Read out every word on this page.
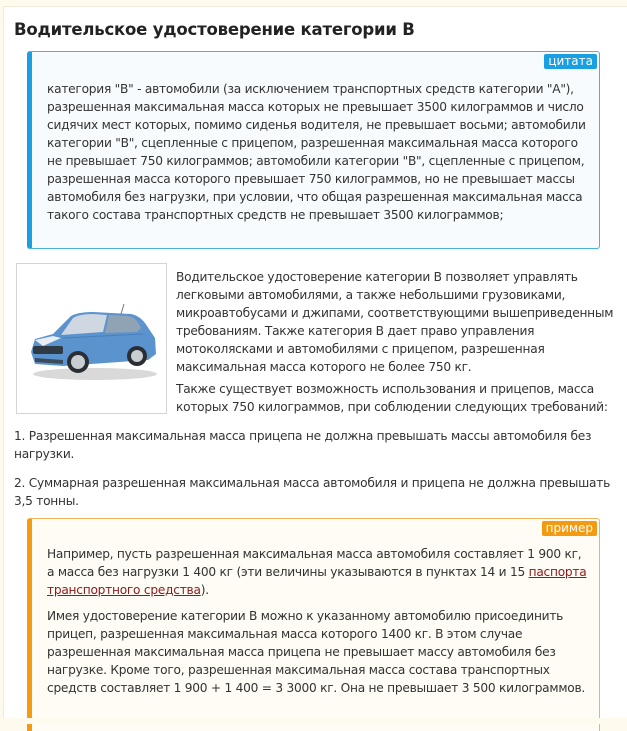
Водительское удостоверение категории В
цитата

категория "B" - автомобили (за исключением транспортных средств категории "A"), разрешенная максимальная масса которых не превышает 3500 килограммов и число сидячих мест которых, помимо сиденья водителя, не превышает восьми; автомобили категории "B", сцепленные с прицепом, разрешенная максимальная масса которого не превышает 750 килограммов; автомобили категории "B", сцепленные с прицепом, разрешенная масса которого превышает 750 килограммов, но не превышает массы автомобиля без нагрузки, при условии, что общая разрешенная максимальная масса такого состава транспортных средств не превышает 3500 килограммов;

Водительское удостоверение категории В позволяет управлять легковыми автомобилями, а также небольшими грузовиками, микроавтобусами и джипами, соответствующими вышеприведенным требованиям. Также категория В дает право управления мотоколясками и автомобилями с прицепом, разрешенная максимальная масса которого не более 750 кг.

Также существует возможность использования и прицепов, масса которых 750 килограммов, при соблюдении следующих требований:

1. Разрешенная максимальная масса прицепа не должна превышать массы автомобиля без нагрузки.

2. Суммарная разрешенная максимальная масса автомобиля и прицепа не должна превышать 3,5 тонны.

пример

Например, пусть разрешенная максимальная масса автомобиля составляет 1 900 кг, а масса без нагрузки 1 400 кг (эти величины указываются в пунктах 14 и 15 паспорта транспортного средства).

Имея удостоверение категории В можно к указанному автомобилю присоединить прицеп, разрешенная максимальная масса которого 1400 кг. В этом случае разрешенная максимальная масса прицепа не превышает массу автомобиля без нагрузке. Кроме того, разрешенная максимальная масса состава транспортных средств составляет 1 900 + 1 400 = 3 3000 кг. Она не превышает 3 500 килограммов.
